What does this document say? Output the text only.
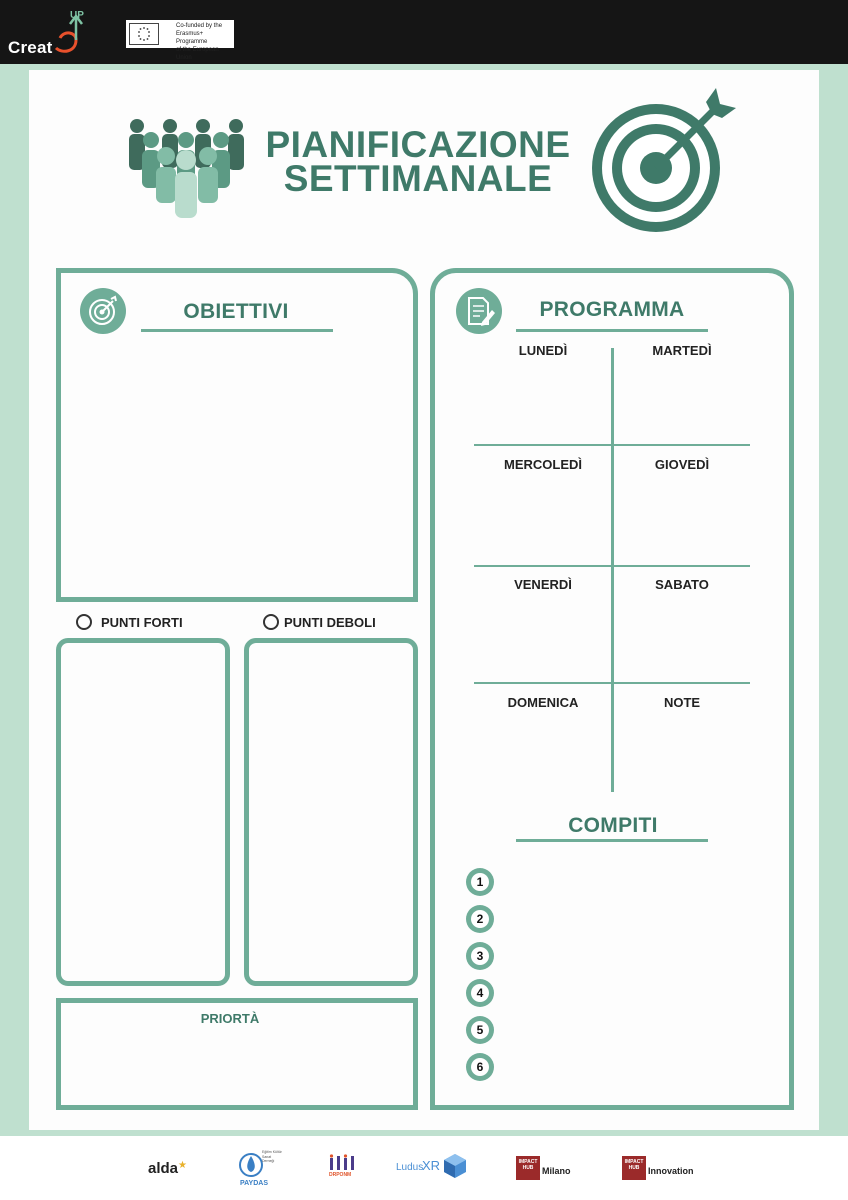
Creat
UP
Co-funded by the
Erasmus+ Programme
of the European Union
PIANIFICAZIONE
SETTIMANALE
OBIETTIVI
PUNTI FORTI	PUNTI DEBOLI
PRIORTÀ
PROGRAMMA
LUNEDÌ	MARTEDÌ
MERCOLEDÌ	GIOVEDÌ
VENERDÌ	SABATO
DOMENICA	NOTE
COMPITI
1
2
3
4
5
6
alda★
Eğitim Kültür Sanat Derneği
PAYDAS
DRPONM
Ludus
XR	IMPACT HUB Milano
IMPACT HUB Innovation
